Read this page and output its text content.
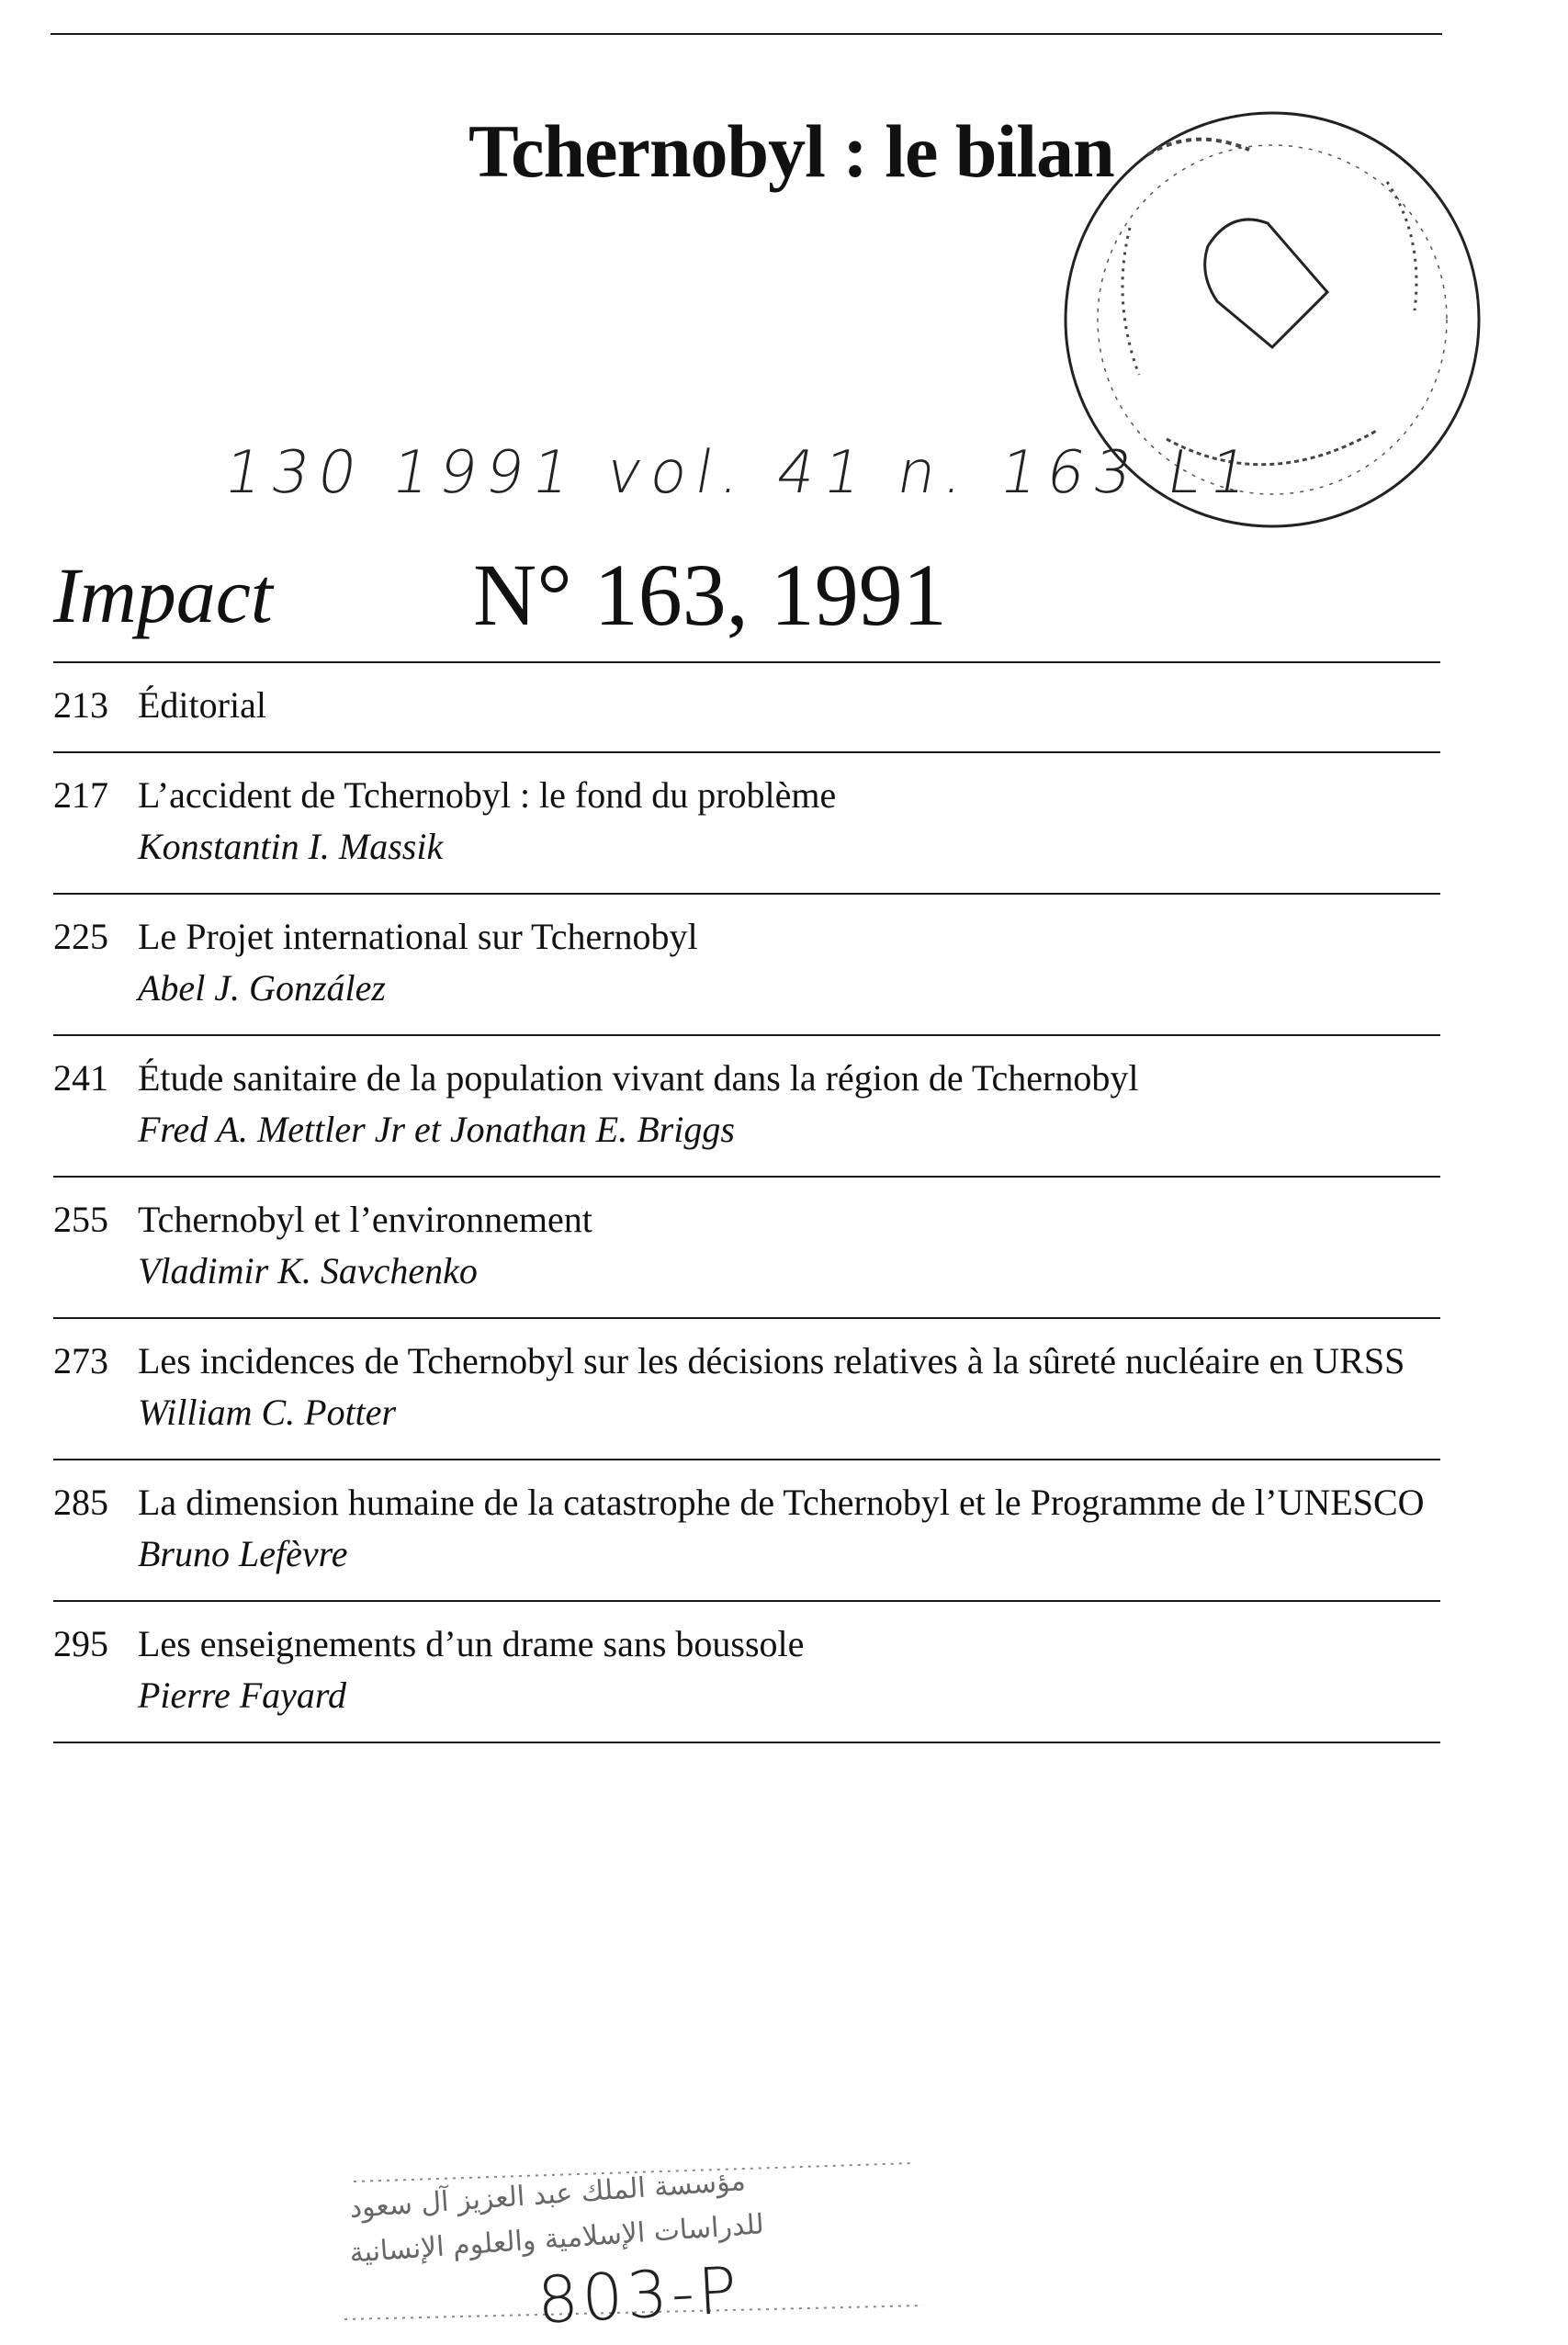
Tchernobyl : le bilan
130 1991 vol. 41 n. 163 L1
Impact N° 163, 1991
213 Éditorial
217 L’accident de Tchernobyl : le fond du problème
Konstantin I. Massik
225 Le Projet international sur Tchernobyl
Abel J. González
241 Étude sanitaire de la population vivant dans la région de Tchernobyl
Fred A. Mettler Jr et Jonathan E. Briggs
255 Tchernobyl et l’environnement
Vladimir K. Savchenko
273 Les incidences de Tchernobyl sur les décisions relatives à la sûreté nucléaire en URSS
William C. Potter
285 La dimension humaine de la catastrophe de Tchernobyl et le Programme de l’UNESCO
Bruno Lefèvre
295 Les enseignements d’un drame sans boussole
Pierre Fayard
مؤسسة الملك عبد العزيز آل سعود
للدراسات الإسلامية والعلوم الإنسانية
803-P
